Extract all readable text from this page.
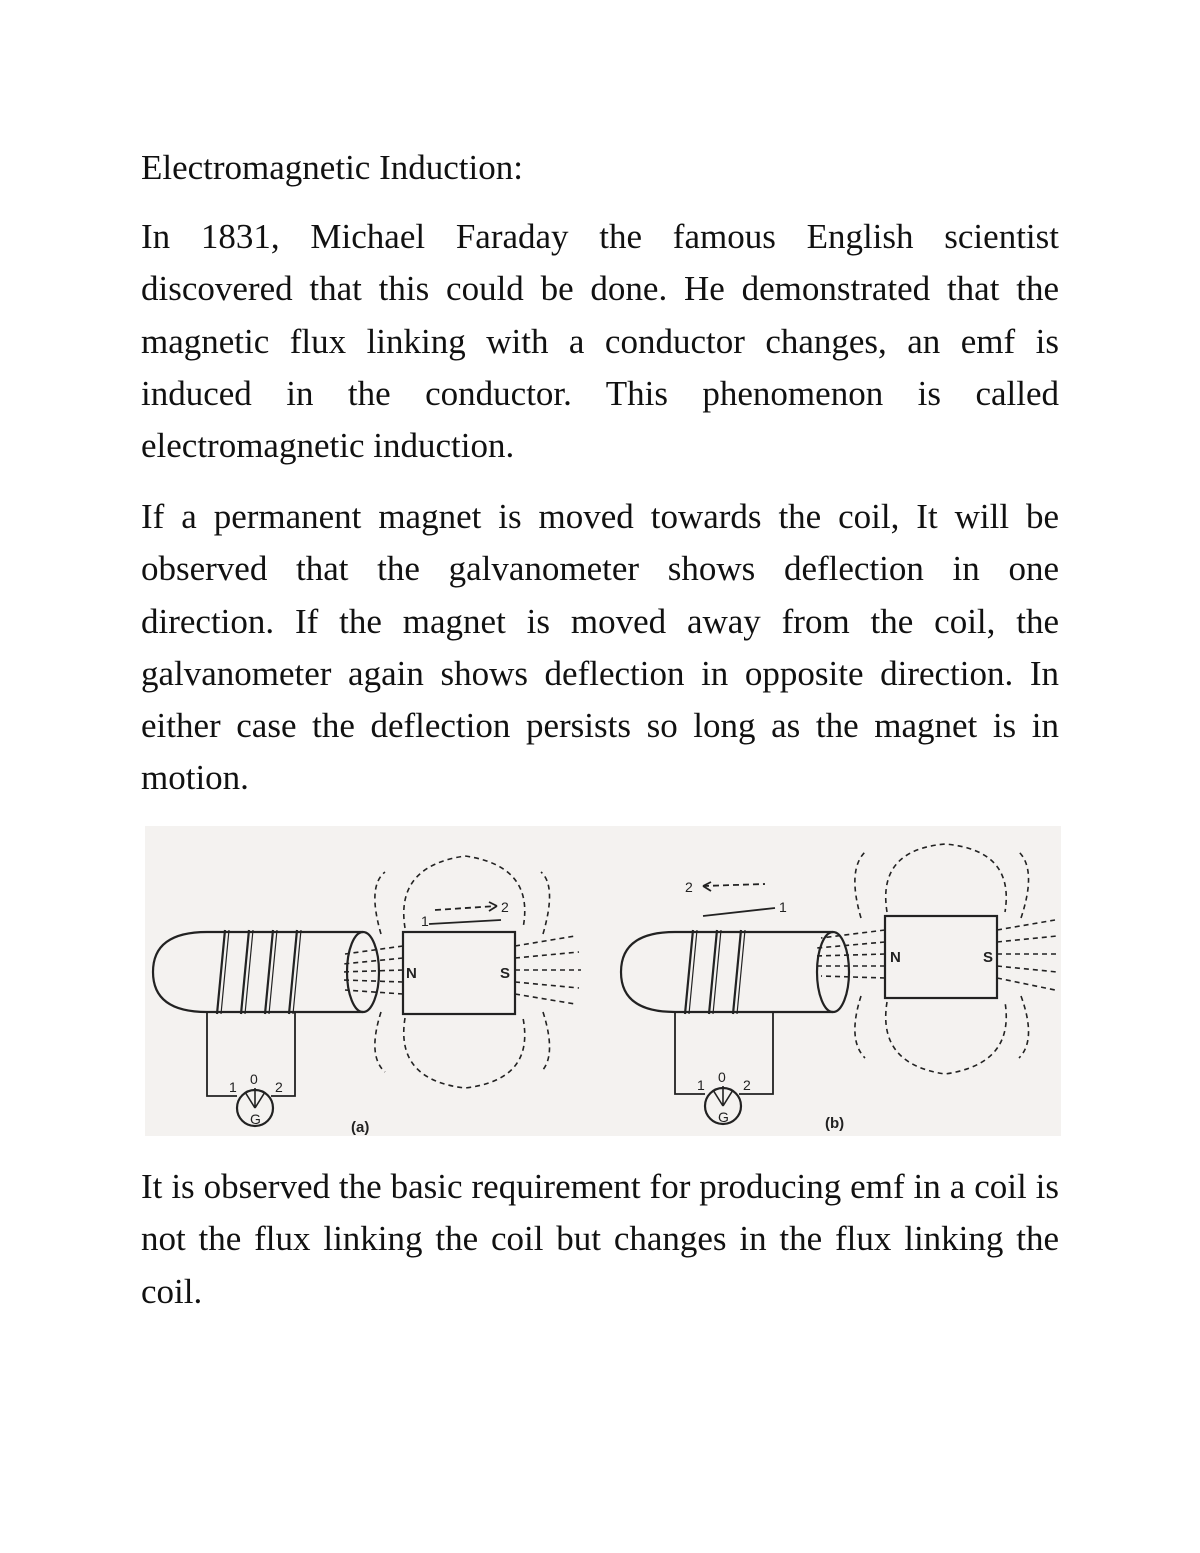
Electromagnetic Induction:

In 1831, Michael Faraday the famous English scientist discovered that this could be done. He demonstrated that the magnetic flux linking with a conductor changes, an emf is induced in the conductor. This phenomenon is called electromagnetic induction.

If a permanent magnet is moved towards the coil, It will be observed that the galvanometer shows deflection in one direction. If the magnet is moved away from the coil, the galvanometer again shows deflection in opposite direction. In either case the deflection persists so long as the magnet is in motion.

N	S
1
2
0
1	2
G	(a)
N	S
2
1
0
1	2
G	(b)

It is observed the basic requirement for producing emf in a coil is not the flux linking the coil but changes in the flux linking the coil.
